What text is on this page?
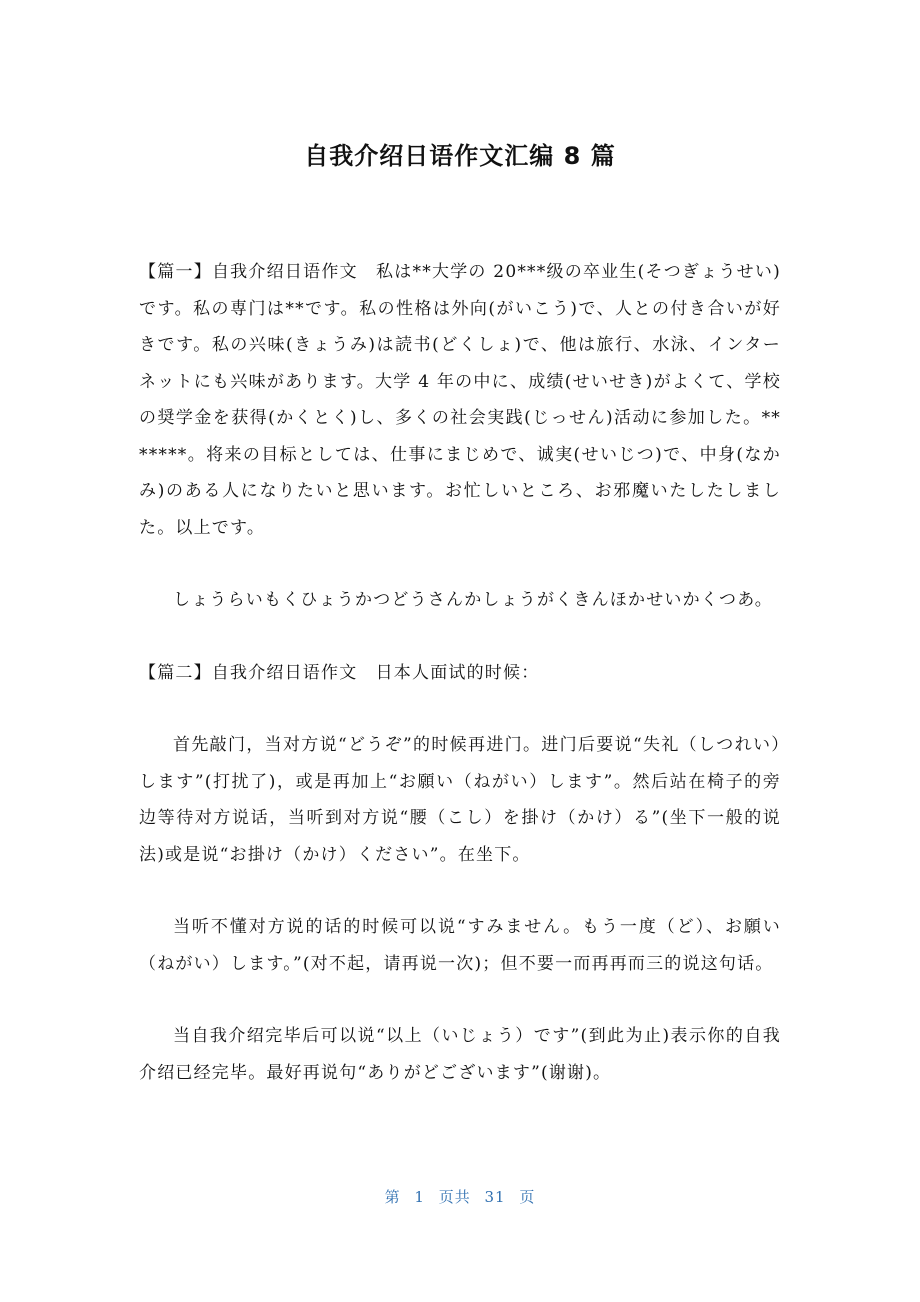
自我介绍日语作文汇编 8 篇

【篇一】自我介绍日语作文　私は**大学の 20***级の卒业生(そつぎょうせい)です。私の専门は**です。私の性格は外向(がいこう)で、人との付き合いが好きです。私の兴味(きょうみ)は読书(どくしょ)で、他は旅行、水泳、インターネットにも兴味があります。大学 4 年の中に、成绩(せいせき)がよくて、学校の奨学金を获得(かくとく)し、多くの社会実践(じっせん)活动に参加した。*******。将来の目标としては、仕事にまじめで、诚実(せいじつ)で、中身(なかみ)のある人になりたいと思います。お忙しいところ、お邪魔いたしたしました。以上です。

しょうらいもくひょうかつどうさんかしょうがくきんほかせいかくつあ。

【篇二】自我介绍日语作文　日本人面试的时候：

首先敲门，当对方说“どうぞ”的时候再进门。进门后要说“失礼（しつれい）します”(打扰了)，或是再加上“お願い（ねがい）します”。然后站在椅子的旁边等待对方说话，当听到对方说“腰（こし）を掛け（かけ）る”(坐下一般的说法)或是说“お掛け（かけ）ください”。在坐下。

当听不懂对方说的话的时候可以说“すみません。もう一度（ど）、お願い（ねがい）します。”(对不起，请再说一次)；但不要一而再再而三的说这句话。

当自我介绍完毕后可以说“以上（いじょう）です”(到此为止)表示你的自我介绍已经完毕。最好再说句“ありがどございます”(谢谢)。

第 1 页共 31 页
